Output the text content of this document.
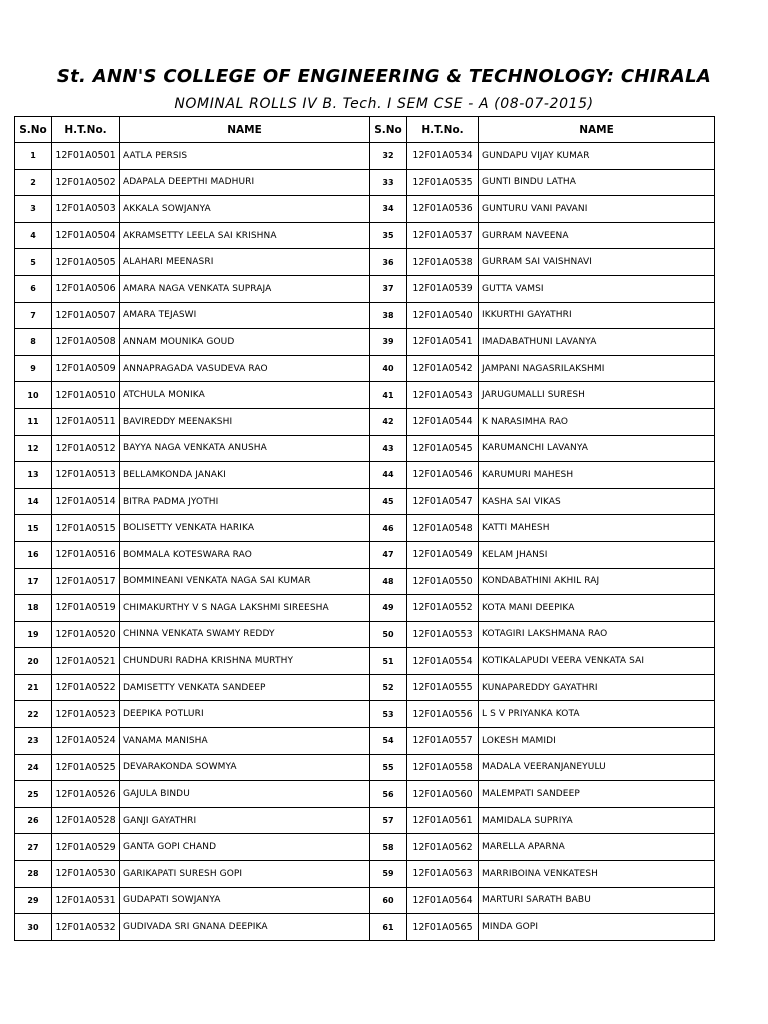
St. ANN'S COLLEGE OF ENGINEERING & TECHNOLOGY: CHIRALA
NOMINAL ROLLS IV B. Tech. I SEM CSE - A (08-07-2015)
S.No	H.T.No.	NAME	S.No	H.T.No.	NAME
1	12F01A0501	AATLA PERSIS	32	12F01A0534	GUNDAPU VIJAY KUMAR
2	12F01A0502	ADAPALA DEEPTHI MADHURI	33	12F01A0535	GUNTI BINDU LATHA
3	12F01A0503	AKKALA SOWJANYA	34	12F01A0536	GUNTURU VANI PAVANI
4	12F01A0504	AKRAMSETTY LEELA SAI KRISHNA	35	12F01A0537	GURRAM NAVEENA
5	12F01A0505	ALAHARI MEENASRI	36	12F01A0538	GURRAM SAI VAISHNAVI
6	12F01A0506	AMARA NAGA VENKATA SUPRAJA	37	12F01A0539	GUTTA VAMSI
7	12F01A0507	AMARA TEJASWI	38	12F01A0540	IKKURTHI GAYATHRI
8	12F01A0508	ANNAM MOUNIKA GOUD	39	12F01A0541	IMADABATHUNI LAVANYA
9	12F01A0509	ANNAPRAGADA VASUDEVA RAO	40	12F01A0542	JAMPANI NAGASRILAKSHMI
10	12F01A0510	ATCHULA MONIKA	41	12F01A0543	JARUGUMALLI SURESH
11	12F01A0511	BAVIREDDY MEENAKSHI	42	12F01A0544	K NARASIMHA RAO
12	12F01A0512	BAYYA NAGA VENKATA ANUSHA	43	12F01A0545	KARUMANCHI LAVANYA
13	12F01A0513	BELLAMKONDA JANAKI	44	12F01A0546	KARUMURI MAHESH
14	12F01A0514	BITRA PADMA JYOTHI	45	12F01A0547	KASHA SAI VIKAS
15	12F01A0515	BOLISETTY VENKATA HARIKA	46	12F01A0548	KATTI MAHESH
16	12F01A0516	BOMMALA KOTESWARA RAO	47	12F01A0549	KELAM JHANSI
17	12F01A0517	BOMMINEANI VENKATA NAGA SAI KUMAR	48	12F01A0550	KONDABATHINI AKHIL RAJ
18	12F01A0519	CHIMAKURTHY V S NAGA LAKSHMI SIREESHA	49	12F01A0552	KOTA MANI DEEPIKA
19	12F01A0520	CHINNA VENKATA SWAMY REDDY	50	12F01A0553	KOTAGIRI LAKSHMANA RAO
20	12F01A0521	CHUNDURI RADHA KRISHNA MURTHY	51	12F01A0554	KOTIKALAPUDI VEERA VENKATA SAI
21	12F01A0522	DAMISETTY VENKATA SANDEEP	52	12F01A0555	KUNAPAREDDY GAYATHRI
22	12F01A0523	DEEPIKA POTLURI	53	12F01A0556	L S V PRIYANKA KOTA
23	12F01A0524	VANAMA MANISHA	54	12F01A0557	LOKESH MAMIDI
24	12F01A0525	DEVARAKONDA SOWMYA	55	12F01A0558	MADALA VEERANJANEYULU
25	12F01A0526	GAJULA BINDU	56	12F01A0560	MALEMPATI SANDEEP
26	12F01A0528	GANJI GAYATHRI	57	12F01A0561	MAMIDALA SUPRIYA
27	12F01A0529	GANTA GOPI CHAND	58	12F01A0562	MARELLA APARNA
28	12F01A0530	GARIKAPATI SURESH GOPI	59	12F01A0563	MARRIBOINA VENKATESH
29	12F01A0531	GUDAPATI SOWJANYA	60	12F01A0564	MARTURI SARATH BABU
30	12F01A0532	GUDIVADA SRI GNANA DEEPIKA	61	12F01A0565	MINDA GOPI
